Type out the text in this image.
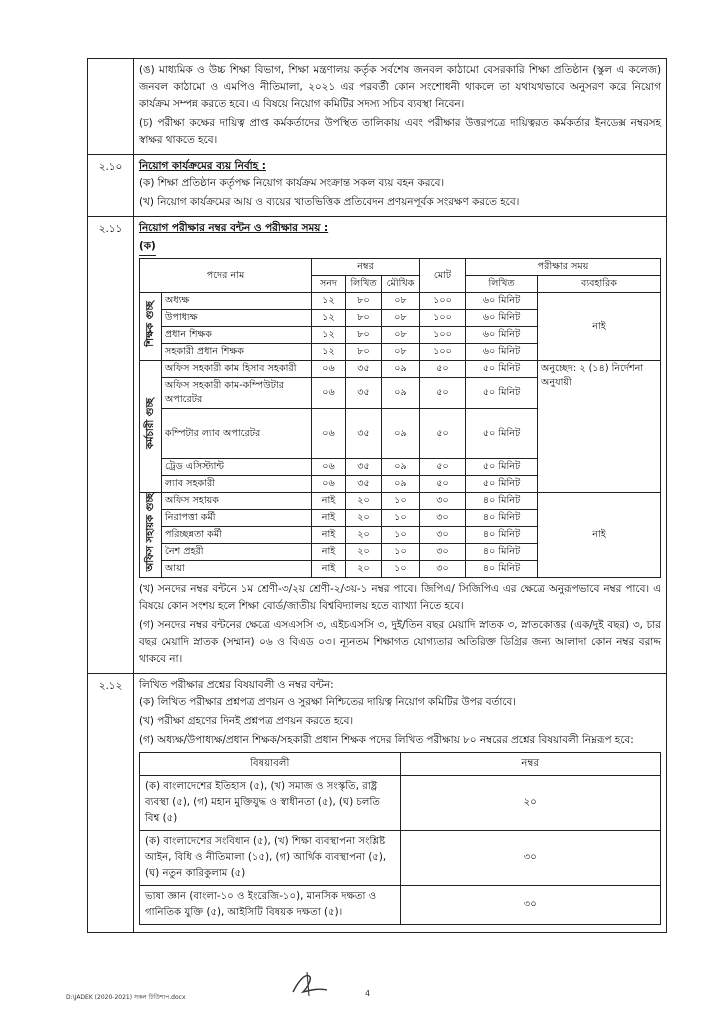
(ঙ) মাধ্যমিক ও উচ্চ শিক্ষা বিভাগ, শিক্ষা মন্ত্রণালয় কর্তৃক সর্বশেষ জনবল কাঠামো বেসরকারি শিক্ষা প্রতিষ্ঠান (স্কুল এ কলেজ) জনবল কাঠামো ও এমপিও নীতিমালা, ২০২১ এর পরবর্তী কোন সংশোধনী থাকলে তা যথাযথভাবে অনুসরণ করে নিয়োগ কার্যক্রম সম্পন্ন করতে হবে। এ বিষয়ে নিয়োগ কমিটির সদস্য সচিব ব্যবস্থা নিবেন।

(চ) পরীক্ষা কক্ষের দায়িত্ব প্রাপ্ত কর্মকর্তাদের উপস্থিত তালিকায় এবং পরীক্ষার উত্তরপত্রে দায়িত্বরত কর্মকর্তার ইনডেক্স নম্বরসহ স্বাক্ষর থাকতে হবে।

২.১০	নিয়োগ কার্যক্রমের ব্যয় নির্বাহ :

(ক) শিক্ষা প্রতিষ্ঠান কর্তৃপক্ষ নিয়োগ কার্যক্রম সংক্রান্ত সকল ব্যয় বহন করবে।

(খ) নিয়োগ কার্যক্রমের আয় ও ব্যয়ের খাতভিত্তিক প্রতিবেদন প্রণয়নপূর্বক সংরক্ষণ করতে হবে।

২.১১	নিয়োগ পরীক্ষার নম্বর বন্টন ও পরীক্ষার সময় :

(ক)
পদের নাম	নম্বর	মোট	পরীক্ষার সময়
সনদ	লিখিত	মৌখিক	লিখিত	ব্যবহারিক
শিক্ষক গুচ্ছ	অধ্যক্ষ	১২	৮০	০৮	১০০	৬০ মিনিট	নাই
উপাধ্যক্ষ	১২	৮০	০৮	১০০	৬০ মিনিট
প্রধান শিক্ষক	১২	৮০	০৮	১০০	৬০ মিনিট
সহকারী প্রধান শিক্ষক	১২	৮০	০৮	১০০	৬০ মিনিট
কর্মচারী গুচ্ছ	অফিস সহকারী কাম হিসাব সহকারী	০৬	৩৫	০৯	৫০	৫০ মিনিট	অনুচ্ছেদ: ২ (১৪) নির্দেশনা অনুযায়ী
অফিস সহকারী কাম-কম্পিউটার অপারেটর	০৬	৩৫	০৯	৫০	৫০ মিনিট
কম্পিটার ল্যাব অপারেটর	০৬	৩৫	০৯	৫০	৫০ মিনিট
ট্রেড এসিস্ট্যান্ট	০৬	৩৫	০৯	৫০	৫০ মিনিট
ল্যাব সহকারী	০৬	৩৫	০৯	৫০	৫০ মিনিট
অফিস সহায়ক গুচ্ছ	অফিস সহায়ক	নাই	২০	১০	৩০	৪০ মিনিট	নাই
নিরাপত্তা কর্মী	নাই	২০	১০	৩০	৪০ মিনিট
পরিচ্ছন্নতা কর্মী	নাই	২০	১০	৩০	৪০ মিনিট
নৈশ প্রহরী	নাই	২০	১০	৩০	৪০ মিনিট
আয়া	নাই	২০	১০	৩০	৪০ মিনিট

(খ) সনদের নম্বর বন্টনে ১ম শ্রেণী-৩/২য় শ্রেণী-২/৩য়-১ নম্বর পাবে। জিপিএ/ সিজিপিএ এর ক্ষেত্রে অনুরূপভাবে নম্বর পাবে। এ বিষয়ে কোন সংশয় হলে শিক্ষা বোর্ড/জাতীয় বিশ্ববিদ্যালয় হতে ব্যাখ্যা নিতে হবে।

(গ) সনদের নম্বর বন্টনের ক্ষেত্রে এসএসসি ৩, এইচএসসি ৩, দুই/তিন বছর মেয়াদি স্নাতক ৩, স্নাতকোত্তর (এক/দুই বছর) ৩, চার বছর মেয়াদি স্নাতক (সম্মান) ০৬ ও বিএড ০৩। ন্যূনতম শিক্ষাগত যোগ্যতার অতিরিক্ত ডিগ্রির জন্য আলাদা কোন নম্বর বরাদ্দ থাকবে না।

২.১২	লিখিত পরীক্ষার প্রশ্নের বিষয়াবলী ও নম্বর বন্টন:

(ক) লিখিত পরীক্ষার প্রশ্নপত্র প্রণয়ন ও সুরক্ষা নিশ্চিতের দায়িত্ব নিয়োগ কমিটির উপর বর্তাবে।

(খ) পরীক্ষা গ্রহণের দিনই প্রশ্নপত্র প্রণয়ন করতে হবে।

(গ) অধ্যক্ষ/উপাধ্যক্ষ/প্রধান শিক্ষক/সহকারী প্রধান শিক্ষক পদের লিখিত পরীক্ষায় ৮০ নম্বরের প্রশ্নের বিষয়াবলী নিম্নরূপ হবে:

বিষয়াবলী	নম্বর
(ক) বাংলাদেশের ইতিহাস (৫), (খ) সমাজ ও সংস্কৃতি, রাষ্ট্র ব্যবস্থা (৫), (গ) মহান মুক্তিযুদ্ধ ও স্বাধীনতা (৫), (ঘ) চলতি বিশ্ব (৫)	২০
(ক) বাংলাদেশের সংবিধান (৫), (খ) শিক্ষা ব্যবস্থাপনা সংশ্লিষ্ট আইন, বিধি ও নীতিমালা (১৫), (গ) আর্থিক ব্যবস্থাপনা (৫), (ঘ) নতুন কারিকুলাম (৫)	৩০
ভাষা জ্ঞান (বাংলা-১০ ও ইংরেজি-১০), মানসিক দক্ষতা ও গানিতিক যুক্তি (৫), আইসিটি বিষয়ক দক্ষতা (৫)।	৩০
D:\JADEK (2020-2021) সকল টিউিশাপ.docx	4
